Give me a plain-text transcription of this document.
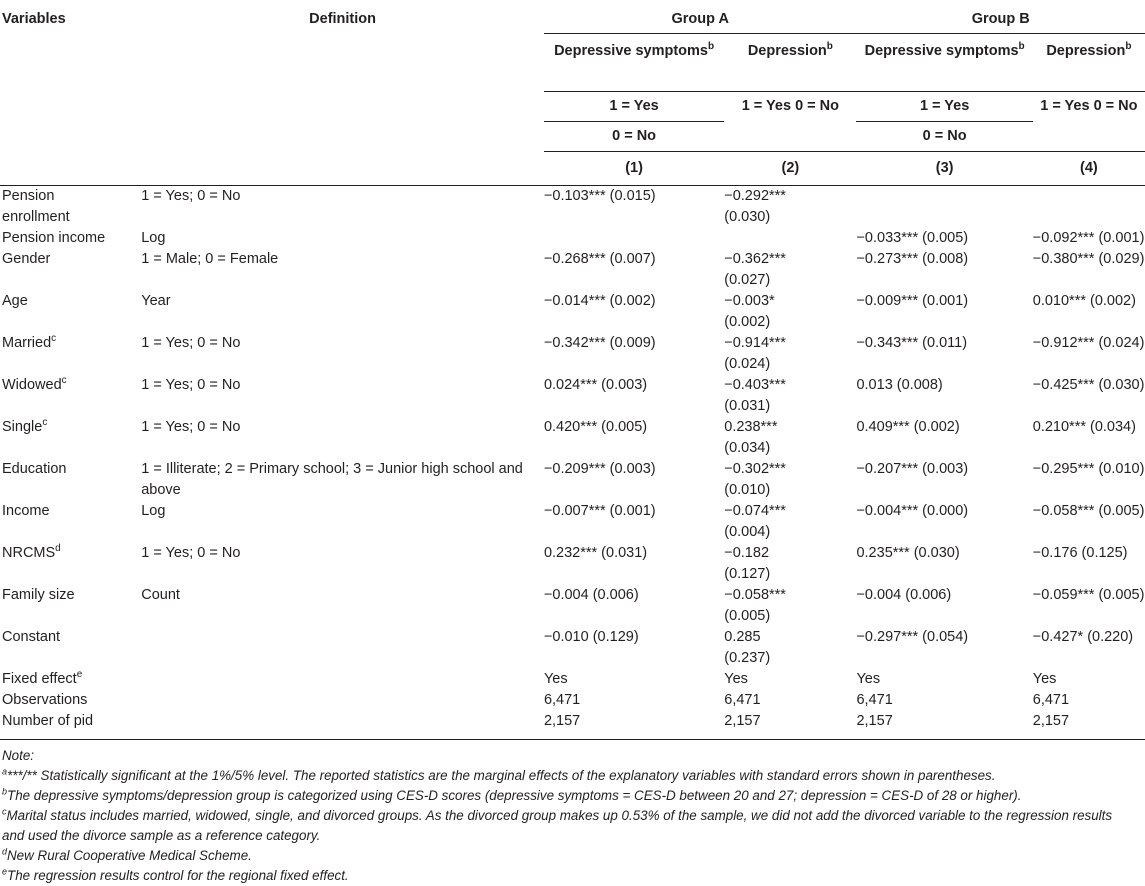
Variables	Definition	Group A		Group B	
		Depressive symptoms$^b$	Depression$^b$	Depressive symptoms$^b$	Depression$^b$
		1 = Yes	1 = Yes 0 = No	1 = Yes	1 = Yes 0 = No
		0 = No		0 = No	
		(1)	(2)	(3)	(4)
Pension enrollment	1 = Yes; 0 = No	−0.103*** (0.015)	−0.292*** (0.030)		
Pension income	Log			−0.033*** (0.005)	−0.092*** (0.001)
Gender	1 = Male; 0 = Female	−0.268*** (0.007)	−0.362*** (0.027)	−0.273*** (0.008)	−0.380*** (0.029)
Age	Year	−0.014*** (0.002)	−0.003* (0.002)	−0.009*** (0.001)	0.010*** (0.002)
Married$^c$	1 = Yes; 0 = No	−0.342*** (0.009)	−0.914*** (0.024)	−0.343*** (0.011)	−0.912*** (0.024)
Widowed$^c$	1 = Yes; 0 = No	0.024*** (0.003)	−0.403*** (0.031)	0.013 (0.008)	−0.425*** (0.030)
Single$^c$	1 = Yes; 0 = No	0.420*** (0.005)	0.238*** (0.034)	0.409*** (0.002)	0.210*** (0.034)
Education	1 = Illiterate; 2 = Primary school; 3 = Junior high school and above	−0.209*** (0.003)	−0.302*** (0.010)	−0.207*** (0.003)	−0.295*** (0.010)
Income	Log	−0.007*** (0.001)	−0.074*** (0.004)	−0.004*** (0.000)	−0.058*** (0.005)
NRCMS$^d$	1 = Yes; 0 = No	0.232*** (0.031)	−0.182 (0.127)	0.235*** (0.030)	−0.176 (0.125)
Family size	Count	−0.004 (0.006)	−0.058*** (0.005)	−0.004 (0.006)	−0.059*** (0.005)
Constant		−0.010 (0.129)	0.285 (0.237)	−0.297*** (0.054)	−0.427* (0.220)
Fixed effect$^e$		Yes	Yes	Yes	Yes
Observations		6,471	6,471	6,471	6,471
Number of pid		2,157	2,157	2,157	2,157

Note:

$^a$***/** Statistically significant at the 1%/5% level. The reported statistics are the marginal effects of the explanatory variables with standard errors shown in parentheses.

$^b$The depressive symptoms/depression group is categorized using CES-D scores (depressive symptoms = CES-D between 20 and 27; depression = CES-D of 28 or higher).

$^c$Marital status includes married, widowed, single, and divorced groups. As the divorced group makes up 0.53% of the sample, we did not add the divorced variable to the regression results and used the divorce sample as a reference category.

$^d$New Rural Cooperative Medical Scheme.

$^e$The regression results control for the regional fixed effect.
